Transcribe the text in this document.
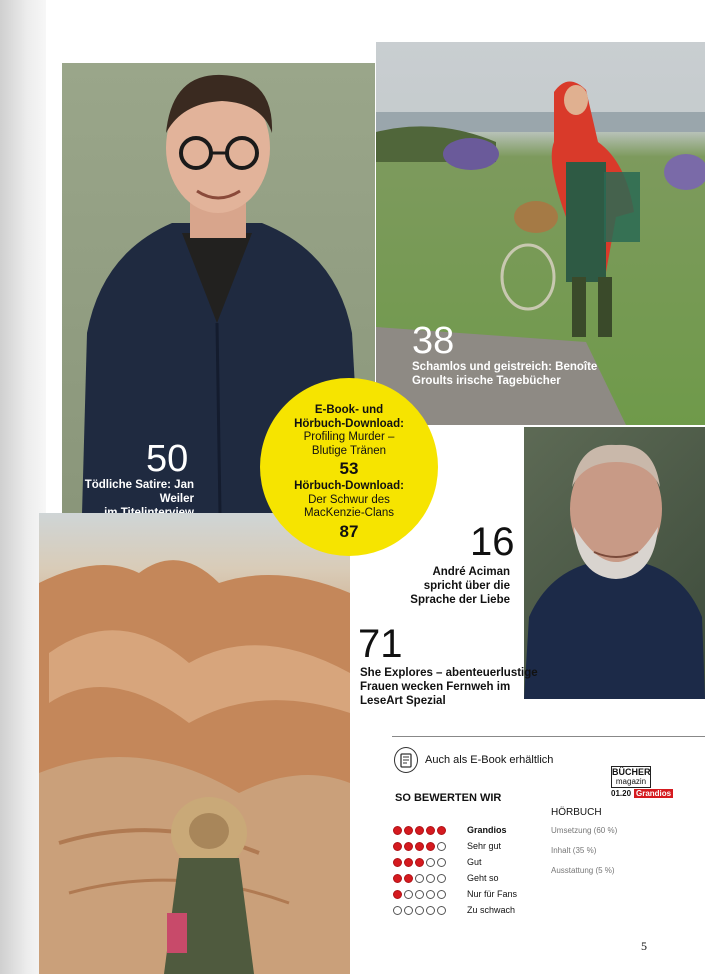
50
Tödliche Satire: Jan Weiler
38
Schamlos und geistreich: Benoîte
Groults irische Tagebücher
E-Book- und
Hörbuch-Download:
Profiling Murder –
Blutige Tränen
53
Hörbuch-Download:
Der Schwur des
MacKenzie-Clans
87	16
André Aciman
spricht über die
Sprache der Liebe
71
She Explores – abenteuerlustige
Frauen wecken Fernweh im
LeseArt Spezial
Auch als E-Book erhältlich
BÜCHER
magazin
01.20 Grandios
SO BEWERTEN WIR
HÖRBUCH
Grandios
Sehr gut
Gut
Geht so
Nur für Fans
Zu schwach
Umsetzung (60 %)
Inhalt (35 %)
Ausstattung (5 %)
5
